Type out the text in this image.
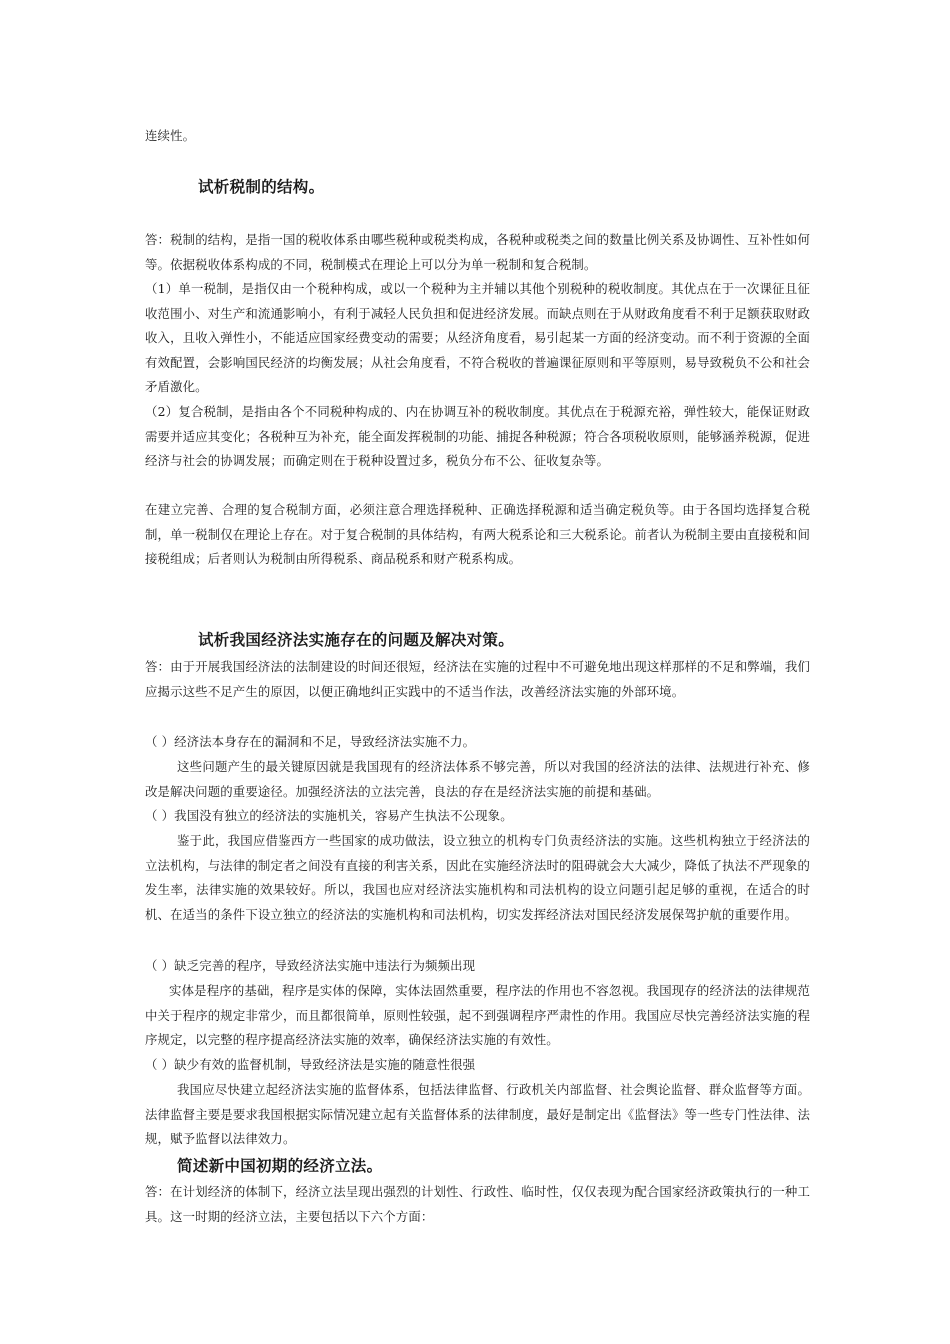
连续性。

试析税制的结构。

答：税制的结构，是指一国的税收体系由哪些税种或税类构成，各税种或税类之间的数量比例关系及协调性、互补性如何等。依据税收体系构成的不同，税制模式在理论上可以分为单一税制和复合税制。

（1）单一税制，是指仅由一个税种构成，或以一个税种为主并辅以其他个别税种的税收制度。其优点在于一次课征且征收范围小、对生产和流通影响小，有利于减轻人民负担和促进经济发展。而缺点则在于从财政角度看不利于足额获取财政收入，且收入弹性小，不能适应国家经费变动的需要；从经济角度看，易引起某一方面的经济变动。而不利于资源的全面有效配置，会影响国民经济的均衡发展；从社会角度看，不符合税收的普遍课征原则和平等原则，易导致税负不公和社会矛盾激化。

（2）复合税制，是指由各个不同税种构成的、内在协调互补的税收制度。其优点在于税源充裕，弹性较大，能保证财政需要并适应其变化；各税种互为补充，能全面发挥税制的功能、捕捉各种税源；符合各项税收原则，能够涵养税源，促进经济与社会的协调发展；而确定则在于税种设置过多，税负分布不公、征收复杂等。

在建立完善、合理的复合税制方面，必须注意合理选择税种、正确选择税源和适当确定税负等。由于各国均选择复合税制，单一税制仅在理论上存在。对于复合税制的具体结构，有两大税系论和三大税系论。前者认为税制主要由直接税和间接税组成；后者则认为税制由所得税系、商品税系和财产税系构成。

试析我国经济法实施存在的问题及解决对策。

答：由于开展我国经济法的法制建设的时间还很短，经济法在实施的过程中不可避免地出现这样那样的不足和弊端，我们应揭示这些不足产生的原因，以便正确地纠正实践中的不适当作法，改善经济法实施的外部环境。

（ ）经济法本身存在的漏洞和不足，导致经济法实施不力。

这些问题产生的最关键原因就是我国现有的经济法体系不够完善，所以对我国的经济法的法律、法规进行补充、修改是解决问题的重要途径。加强经济法的立法完善，良法的存在是经济法实施的前提和基础。

（ ）我国没有独立的经济法的实施机关，容易产生执法不公现象。

鉴于此，我国应借鉴西方一些国家的成功做法，设立独立的机构专门负责经济法的实施。这些机构独立于经济法的立法机构，与法律的制定者之间没有直接的利害关系，因此在实施经济法时的阻碍就会大大减少，降低了执法不严现象的发生率，法律实施的效果较好。所以，我国也应对经济法实施机构和司法机构的设立问题引起足够的重视，在适合的时机、在适当的条件下设立独立的经济法的实施机构和司法机构，切实发挥经济法对国民经济发展保驾护航的重要作用。

（ ）缺乏完善的程序，导致经济法实施中违法行为频频出现

实体是程序的基础，程序是实体的保障，实体法固然重要，程序法的作用也不容忽视。我国现存的经济法的法律规范中关于程序的规定非常少，而且都很简单，原则性较强，起不到强调程序严肃性的作用。我国应尽快完善经济法实施的程序规定，以完整的程序提高经济法实施的效率，确保经济法实施的有效性。

（ ）缺少有效的监督机制，导致经济法是实施的随意性很强

我国应尽快建立起经济法实施的监督体系，包括法律监督、行政机关内部监督、社会舆论监督、群众监督等方面。法律监督主要是要求我国根据实际情况建立起有关监督体系的法律制度，最好是制定出《监督法》等一些专门性法律、法规，赋予监督以法律效力。

简述新中国初期的经济立法。

答：在计划经济的体制下，经济立法呈现出强烈的计划性、行政性、临时性，仅仅表现为配合国家经济政策执行的一种工具。这一时期的经济立法，主要包括以下六个方面：
